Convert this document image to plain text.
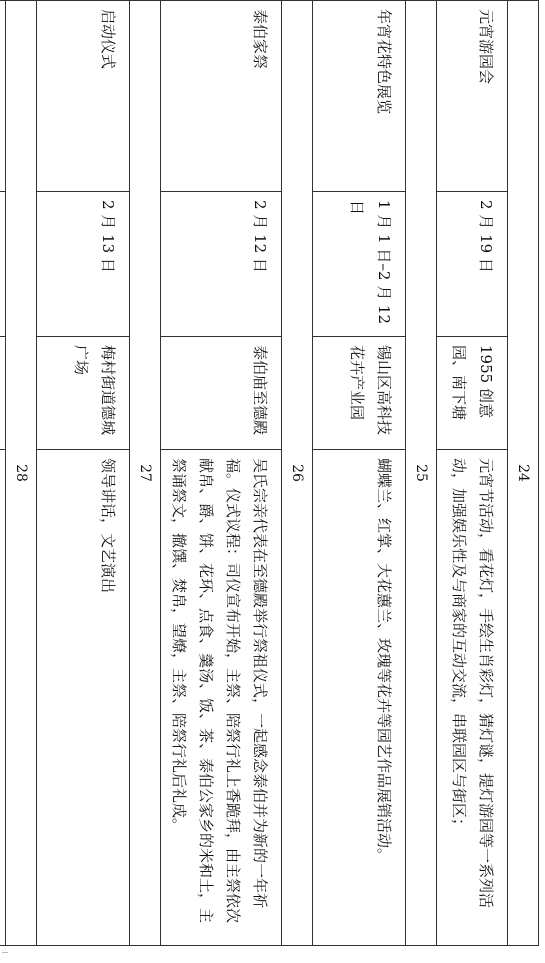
24			
元宵游园会	2 月 19 日	1955 创意园、南下塘	元宵节活动，看花灯，手绘生肖彩灯，猜灯谜，提灯游园等一系列活动，加强娱乐性及与商家的互动交流，串联园区与街区；
25			
年宵花特色展览	1 月 1 日–2 月 12 日	锡山区高科技花卉产业园	蝴蝶兰、红掌、大花蕙兰、玫瑰等花卉等园艺作品展销活动。
26			
泰伯家祭	2 月 12 日	泰伯庙至德殿	吴氏宗亲代表在至德殿举行祭祖仪式，一起感念泰伯并为新的一年祈福。仪式议程：司仪宣布开始，主祭、陪祭行礼上香跪拜，由主祭依次献帛、爵、饼、花环、点食、羹汤、饭、茶、泰伯公家乡的米和土，主祭诵祭文，撤馔、焚帛，望燎，主祭、陪祭行礼后礼成。
27			
启动仪式	2 月 13 日	梅村街道德城广场	领导讲话，文艺演出
28			
